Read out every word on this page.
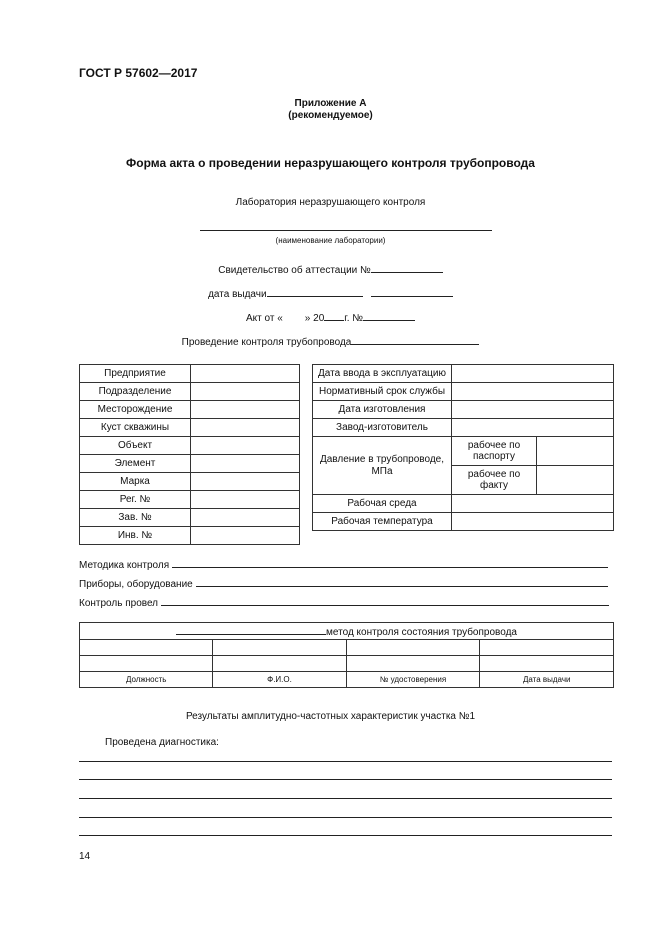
ГОСТ Р 57602—2017
Приложение А
(рекомендуемое)
Форма акта о проведении неразрушающего контроля трубопровода
Лаборатория неразрушающего контроля
(наименование лаборатории)
Свидетельство об аттестации №
дата выдачи
Акт от « » 20 г. №
Проведение контроля трубопровода
Предприятие	
Подразделение	
Месторождение	
Куст скважины	
Объект	
Элемент	
Марка	
Рег. №	
Зав. №	
Инв. №	
Дата ввода в эксплуатацию		
Нормативный срок службы		
Дата изготовления		
Завод-изготовитель		
Давление в трубопроводе, МПа	рабочее по паспорту	
	рабочее по факту	
Рабочая среда		
Рабочая температура		
Методика контроля
Приборы, оборудование
Контроль провел
метод контроля состояния трубопровода			

Должность	Ф.И.О.	№ удостоверения	Дата выдачи
Результаты амплитудно-частотных характеристик участка №1
Проведена диагностика:
14
